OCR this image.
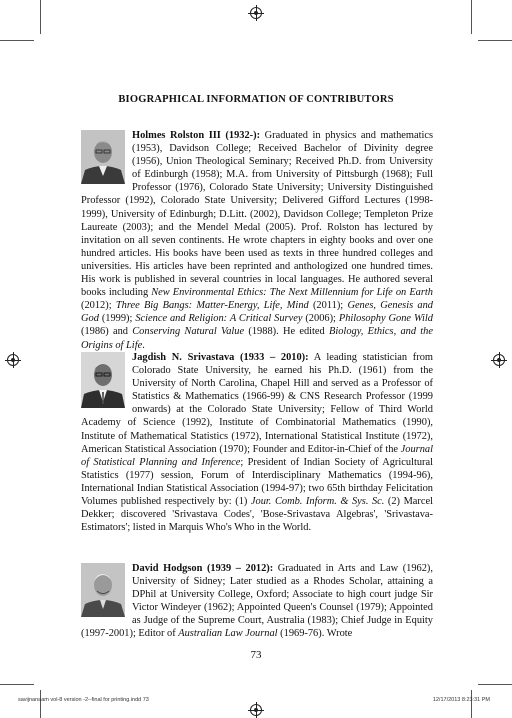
BIOGRAPHICAL INFORMATION OF CONTRIBUTORS
Holmes Rolston III (1932-): Graduated in physics and mathematics (1953), Davidson College; Received Bachelor of Divinity degree (1956), Union Theological Seminary; Received Ph.D. from University of Edinburgh (1958); M.A. from University of Pittsburgh (1968); Full Professor (1976), Colorado State University; University Distinguished Professor (1992), Colorado State University; Delivered Gifford Lectures (1998-1999), University of Edinburgh; D.Litt. (2002), Davidson College; Templeton Prize Laureate (2003); and the Mendel Medal (2005). Prof. Rolston has lectured by invitation on all seven continents. He wrote chapters in eighty books and over one hundred articles. His books have been used as texts in three hundred colleges and universities. His articles have been reprinted and anthologized one hundred times. His work is published in several countries in local languages. He authored several books including New Environmental Ethics: The Next Millennium for Life on Earth (2012); Three Big Bangs: Matter-Energy, Life, Mind (2011); Genes, Genesis and God (1999); Science and Religion: A Critical Survey (2006); Philosophy Gone Wild (1986) and Conserving Natural Value (1988). He edited Biology, Ethics, and the Origins of Life.
Jagdish N. Srivastava (1933 – 2010): A leading statistician from Colorado State University, he earned his Ph.D. (1961) from the University of North Carolina, Chapel Hill and served as a Professor of Statistics & Mathematics (1966-99) & CNS Research Professor (1999 onwards) at the Colorado State University; Fellow of Third World Academy of Science (1992), Institute of Combinatorial Mathematics (1990), Institute of Mathematical Statistics (1972), International Statistical Institute (1972), American Statistical Association (1970); Founder and Editor-in-Chief of the Journal of Statistical Planning and Inference; President of Indian Society of Agricultural Statistics (1977) session, Forum of Interdisciplinary Mathematics (1994-96), International Indian Statistical Association (1994-97); two 65th birthday Felicitation Volumes published respectively by: (1) Jour. Comb. Inform. & Sys. Sc. (2) Marcel Dekker; discovered 'Srivastava Codes', 'Bose-Srivastava Algebras', 'Srivastava-Estimators'; listed in Marquis Who's Who in the World.
David Hodgson (1939 – 2012): Graduated in Arts and Law (1962), University of Sidney; Later studied as a Rhodes Scholar, attaining a DPhil at University College, Oxford; Associate to high court judge Sir Victor Windeyer (1962); Appointed Queen's Counsel (1979); Appointed as Judge of the Supreme Court, Australia (1983); Chief Judge in Equity (1997-2001); Editor of Australian Law Journal (1969-76). Wrote
73
savijnanaam vol-8 version -2--final for printing.indd 73	12/17/2013 8:23:31 PM
